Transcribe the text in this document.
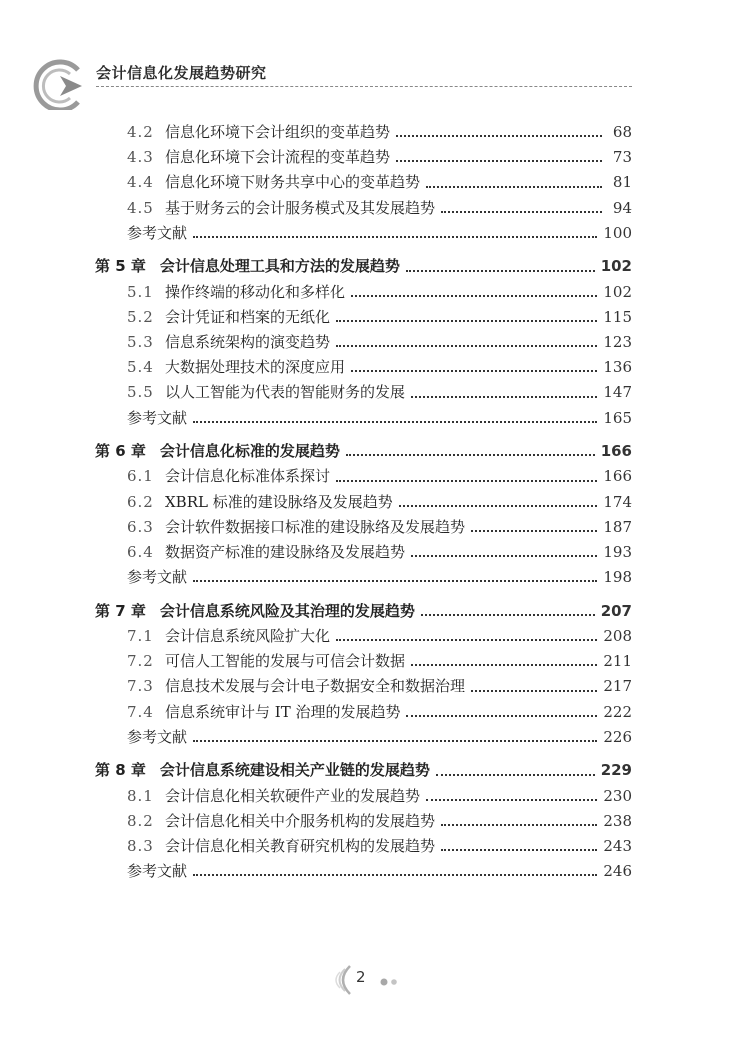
会计信息化发展趋势研究
4.2 信息化环境下会计组织的变革趋势	68
4.3 信息化环境下会计流程的变革趋势	73
4.4 信息化环境下财务共享中心的变革趋势	81
4.5 基于财务云的会计服务模式及其发展趋势	94
参考文献	100
第 5 章 会计信息处理工具和方法的发展趋势	102
5.1 操作终端的移动化和多样化	102
5.2 会计凭证和档案的无纸化	115
5.3 信息系统架构的演变趋势	123
5.4 大数据处理技术的深度应用	136
5.5 以人工智能为代表的智能财务的发展	147
参考文献	165
第 6 章 会计信息化标准的发展趋势	166
6.1 会计信息化标准体系探讨	166
6.2 XBRL 标准的建设脉络及发展趋势	174
6.3 会计软件数据接口标准的建设脉络及发展趋势	187
6.4 数据资产标准的建设脉络及发展趋势	193
参考文献	198
第 7 章 会计信息系统风险及其治理的发展趋势	207
7.1 会计信息系统风险扩大化	208
7.2 可信人工智能的发展与可信会计数据	211
7.3 信息技术发展与会计电子数据安全和数据治理	217
7.4 信息系统审计与 IT 治理的发展趋势	222
参考文献	226
第 8 章 会计信息系统建设相关产业链的发展趋势	229
8.1 会计信息化相关软硬件产业的发展趋势	230
8.2 会计信息化相关中介服务机构的发展趋势	238
8.3 会计信息化相关教育研究机构的发展趋势	243
参考文献	246
2
